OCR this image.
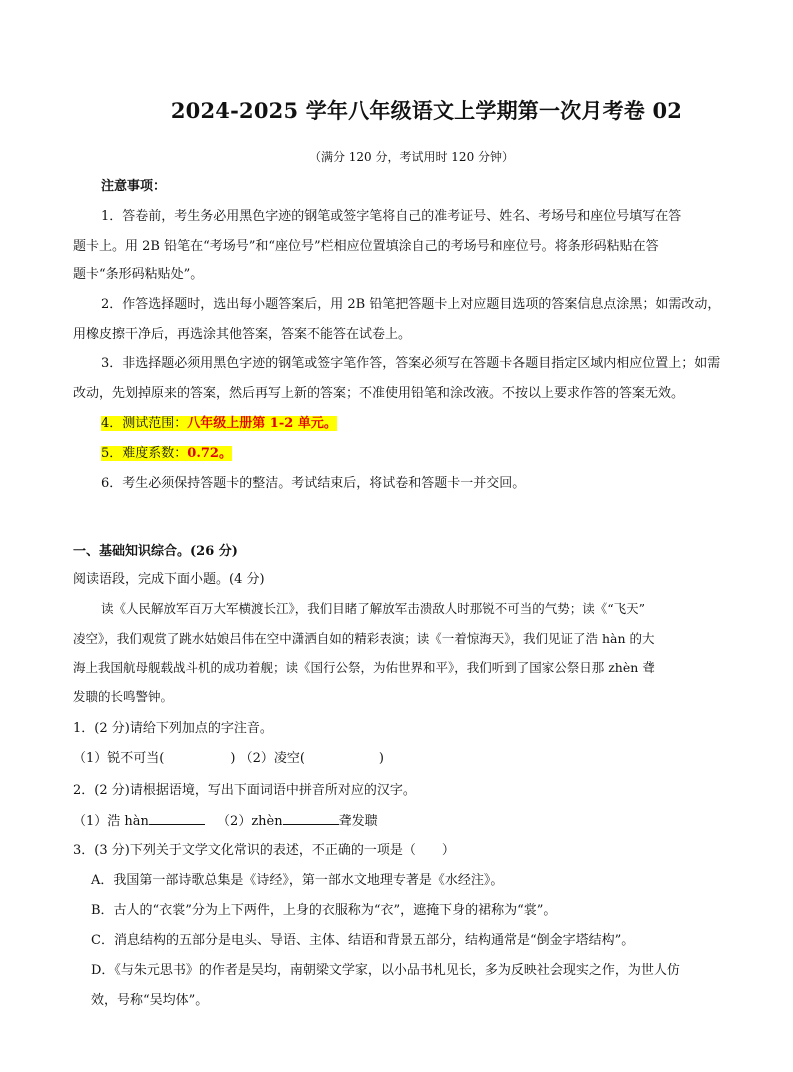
2024-2025 学年八年级语文上学期第一次月考卷 02
（满分 120 分，考试用时 120 分钟）
注意事项：
1．答卷前，考生务必用黑色字迹的钢笔或签字笔将自己的准考证号、姓名、考场号和座位号填写在答
题卡上。用 2B 铅笔在“考场号”和“座位号”栏相应位置填涂自己的考场号和座位号。将条形码粘贴在答
题卡“条形码粘贴处”。
2．作答选择题时，选出每小题答案后，用 2B 铅笔把答题卡上对应题目选项的答案信息点涂黑；如需改动，
用橡皮擦干净后，再选涂其他答案，答案不能答在试卷上。
3．非选择题必须用黑色字迹的钢笔或签字笔作答，答案必须写在答题卡各题目指定区域内相应位置上；如需
改动，先划掉原来的答案，然后再写上新的答案；不准使用铅笔和涂改液。不按以上要求作答的答案无效。
4．测试范围：八年级上册第 1-2 单元。
5．难度系数：0.72。
6．考生必须保持答题卡的整洁。考试结束后，将试卷和答题卡一并交回。
一、基础知识综合。(26 分)
阅读语段，完成下面小题。(4 分)
读《人民解放军百万大军横渡长江》，我们目睹了解放军击溃敌人时那锐不可当的气势；读《“飞天”
凌空》，我们观赏了跳水姑娘吕伟在空中潇洒自如的精彩表演；读《一着惊海天》，我们见证了浩 hàn 的大
海上我国航母舰载战斗机的成功着舰；读《国行公祭，为佑世界和平》，我们听到了国家公祭日那 zhèn 聋
发聩的长鸣警钟。
1．(2 分)请给下列加点的字注音。
（1）锐不可当(	) （2）凌空(	)
2．(2 分)请根据语境，写出下面词语中拼音所对应的汉字。
（1）浩 hàn	（2）zhèn	聋发聩
3．(3 分)下列关于文学文化常识的表述，不正确的一项是（　　）
A．我国第一部诗歌总集是《诗经》，第一部水文地理专著是《水经注》。
B．古人的“衣裳”分为上下两件，上身的衣服称为“衣”，遮掩下身的裙称为“裳”。
C．消息结构的五部分是电头、导语、主体、结语和背景五部分，结构通常是“倒金字塔结构”。
D．《与朱元思书》的作者是吴均，南朝梁文学家，以小品书札见长，多为反映社会现实之作，为世人仿
效，号称“吴均体”。
